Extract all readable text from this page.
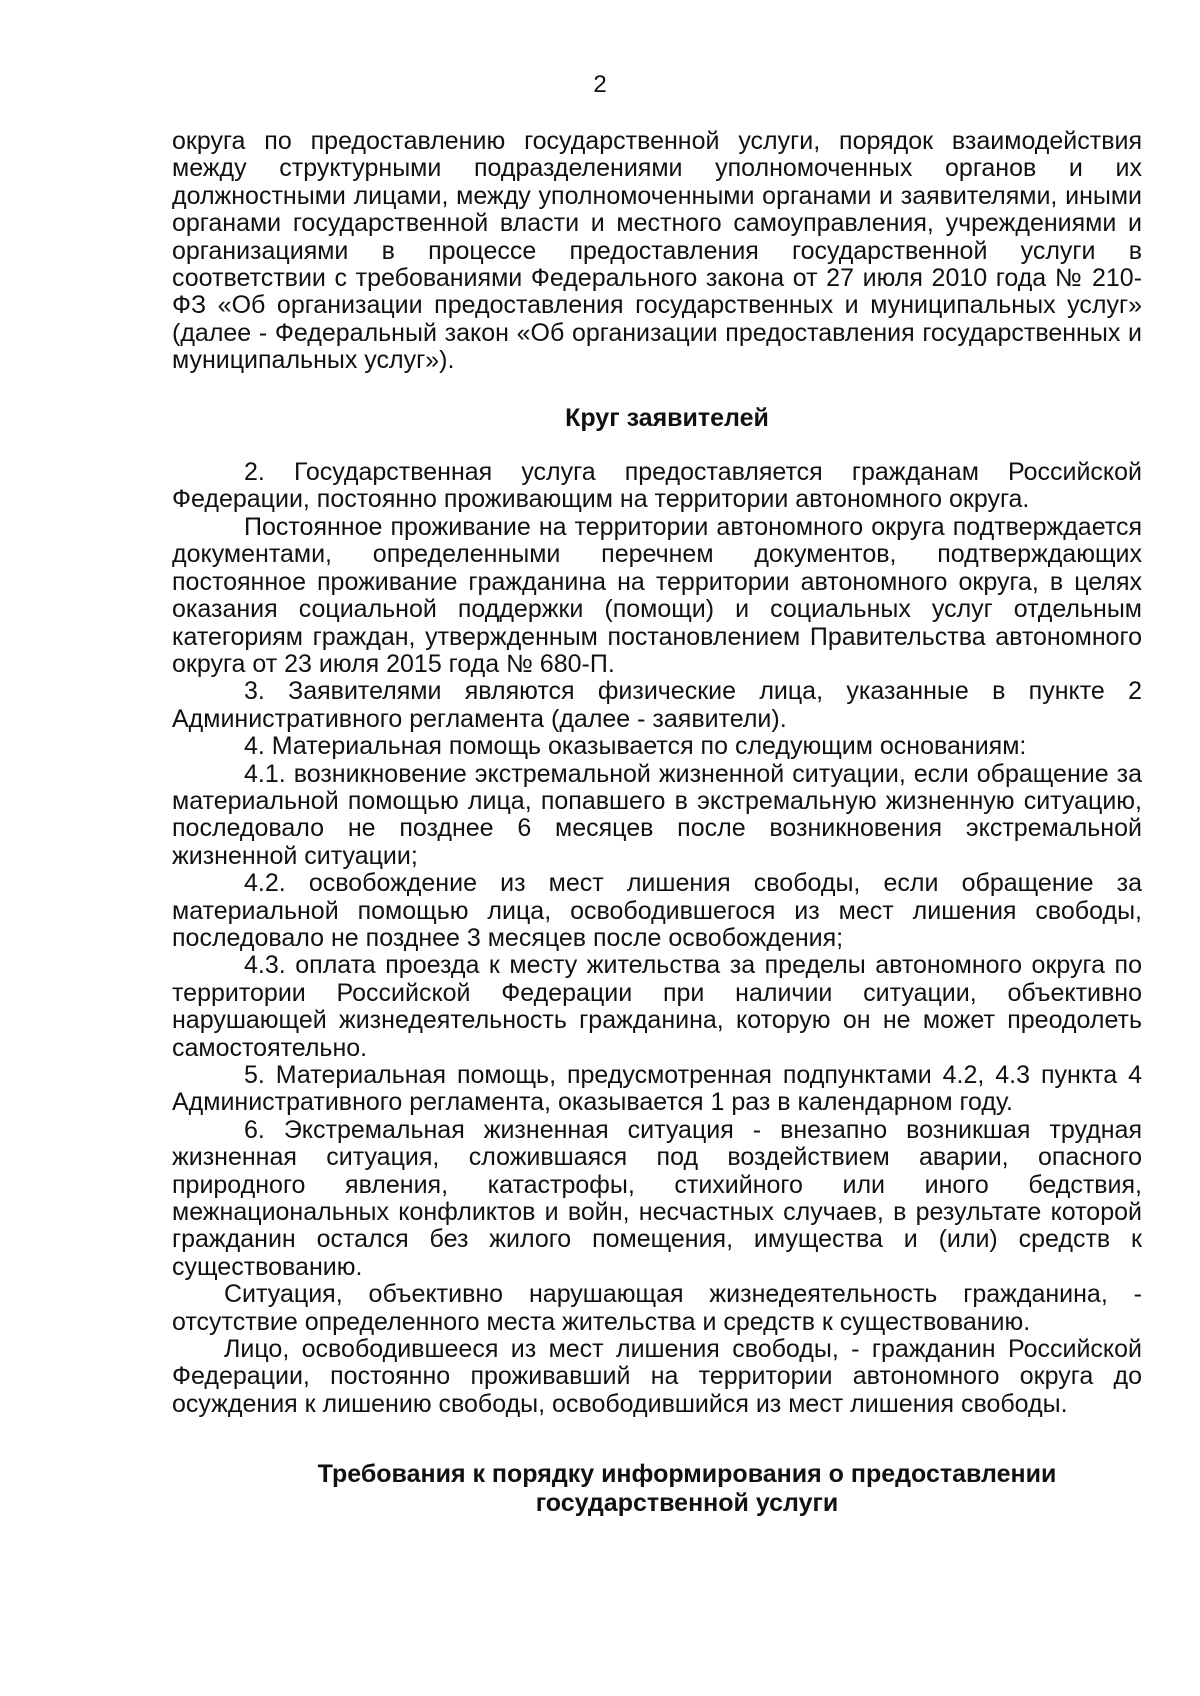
2

округа по предоставлению государственной услуги, порядок взаимодействия между структурными подразделениями уполномоченных органов и их должностными лицами, между уполномоченными органами и заявителями, иными органами государственной власти и местного самоуправления, учреждениями и организациями в процессе предоставления государственной услуги в соответствии с требованиями Федерального закона от 27 июля 2010 года № 210-ФЗ «Об организации предоставления государственных и муниципальных услуг» (далее - Федеральный закон «Об организации предоставления государственных и муниципальных услуг»).

Круг заявителей

2. Государственная услуга предоставляется гражданам Российской Федерации, постоянно проживающим на территории автономного округа.

Постоянное проживание на территории автономного округа подтверждается документами, определенными перечнем документов, подтверждающих постоянное проживание гражданина на территории автономного округа, в целях оказания социальной поддержки (помощи) и социальных услуг отдельным категориям граждан, утвержденным постановлением Правительства автономного округа от 23 июля 2015 года № 680-П.

3. Заявителями являются физические лица, указанные в пункте 2 Административного регламента (далее - заявители).

4. Материальная помощь оказывается по следующим основаниям:

4.1. возникновение экстремальной жизненной ситуации, если обращение за материальной помощью лица, попавшего в экстремальную жизненную ситуацию, последовало не позднее 6 месяцев после возникновения экстремальной жизненной ситуации;

4.2. освобождение из мест лишения свободы, если обращение за материальной помощью лица, освободившегося из мест лишения свободы, последовало не позднее 3 месяцев после освобождения;

4.3. оплата проезда к месту жительства за пределы автономного округа по территории Российской Федерации при наличии ситуации, объективно нарушающей жизнедеятельность гражданина, которую он не может преодолеть самостоятельно.

5. Материальная помощь, предусмотренная подпунктами 4.2, 4.3 пункта 4 Административного регламента, оказывается 1 раз в календарном году.

6. Экстремальная жизненная ситуация - внезапно возникшая трудная жизненная ситуация, сложившаяся под воздействием аварии, опасного природного явления, катастрофы, стихийного или иного бедствия, межнациональных конфликтов и войн, несчастных случаев, в результате которой гражданин остался без жилого помещения, имущества и (или) средств к существованию.

Ситуация, объективно нарушающая жизнедеятельность гражданина, - отсутствие определенного места жительства и средств к существованию.

Лицо, освободившееся из мест лишения свободы, - гражданин Российской Федерации, постоянно проживавший на территории автономного округа до осуждения к лишению свободы, освободившийся из мест лишения свободы.

Требования к порядку информирования о предоставлении
государственной услуги
